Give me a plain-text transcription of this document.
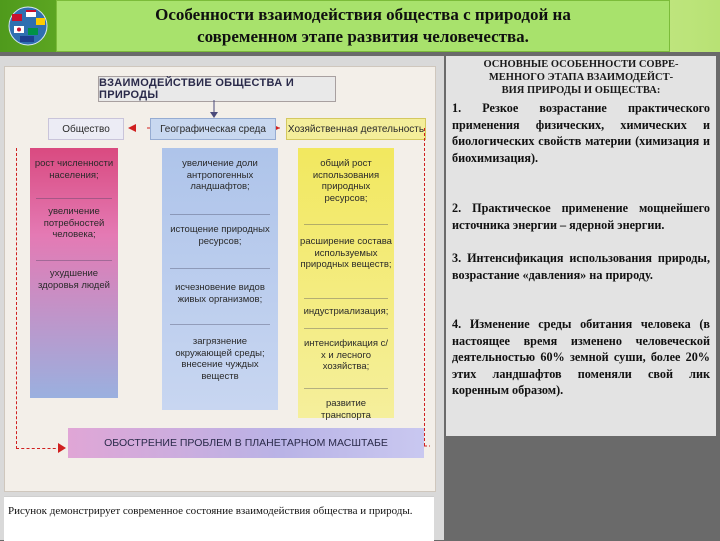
Особенности взаимодействия общества с природой на
современном этапе развития человечества.
ВЗАИМОДЕЙСТВИЕ ОБЩЕСТВА И ПРИРОДЫ
Общество	Географическая среда	Хозяйственная деятельность
рост численности населения;
увеличение потребностей человека;
ухудшение здоровья людей
увеличение доли антропогенных ландшафтов;
истощение природных ресурсов;
исчезновение видов живых организмов;
загрязнение окружающей среды; внесение чуждых веществ
общий рост использования природных ресурсов;
расширение состава используемых природных веществ;
индустриализация;
интенсификация с/х и лесного хозяйства;
развитие транспорта
ОБОСТРЕНИЕ ПРОБЛЕМ В ПЛАНЕТАРНОМ МАСШТАБЕ
Рисунок демонстрирует современное состояние взаимодействия общества и природы.
ОСНОВНЫЕ ОСОБЕННОСТИ СОВРЕ-
МЕННОГО ЭТАПА ВЗАИМОДЕЙСТ-
ВИЯ ПРИРОДЫ И ОБЩЕСТВА:
1. Резкое возрастание практического применения физических, химических и биологических свойств материи (химизация и биохимизация).
2. Практическое применение мощнейшего источника энергии – ядерной энергии.
3. Интенсификация использования природы, возрастание «давления» на природу.
4. Изменение среды обитания человека (в настоящее время изменено человеческой деятельностью 60% земной суши, более 20% этих ландшафтов поменяли свой лик коренным образом).
